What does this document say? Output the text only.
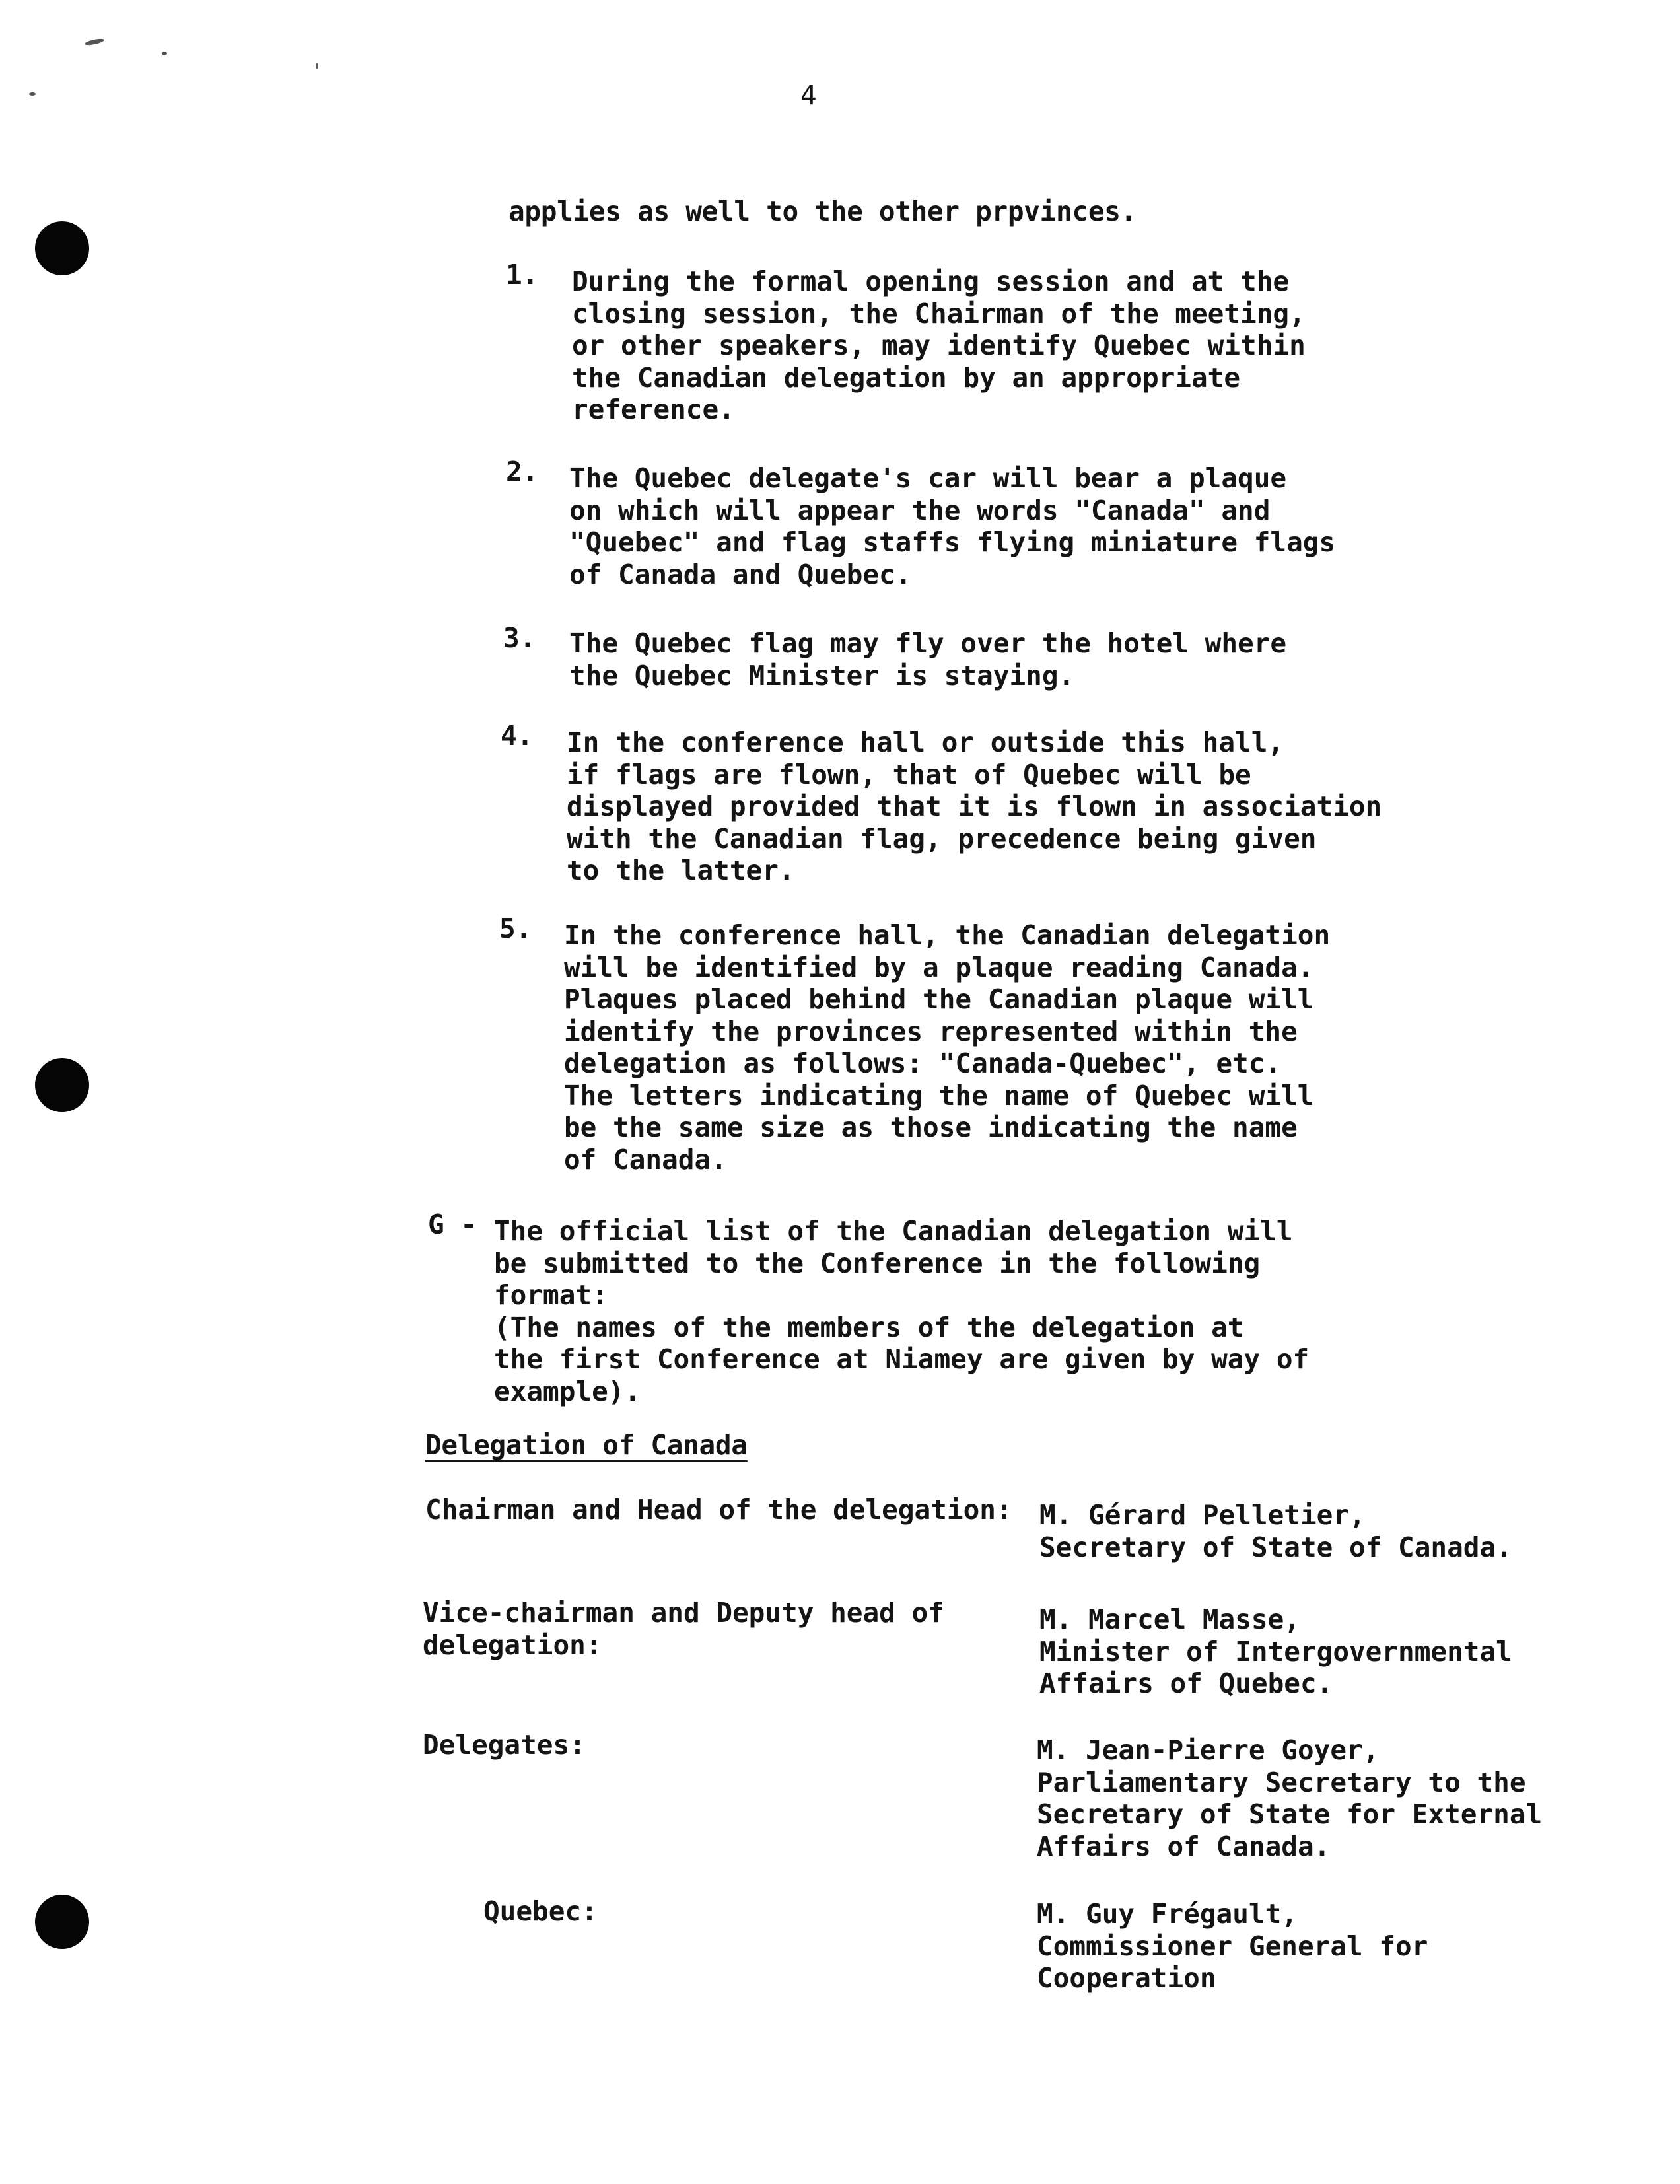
4
applies as well to the other prpvinces.
1. During the formal opening session and at the
closing session, the Chairman of the meeting,
or other speakers, may identify Quebec within
the Canadian delegation by an appropriate
reference.
2. The Quebec delegate's car will bear a plaque
on which will appear the words "Canada" and
"Quebec" and flag staffs flying miniature flags
of Canada and Quebec.
3. The Quebec flag may fly over the hotel where
the Quebec Minister is staying.
4. In the conference hall or outside this hall,
if flags are flown, that of Quebec will be
displayed provided that it is flown in association
with the Canadian flag, precedence being given
to the latter.
5. In the conference hall, the Canadian delegation
will be identified by a plaque reading Canada.
Plaques placed behind the Canadian plaque will
identify the provinces represented within the
delegation as follows: "Canada-Quebec", etc.
The letters indicating the name of Quebec will
be the same size as those indicating the name
of Canada.
G - The official list of the Canadian delegation will
be submitted to the Conference in the following
format:
(The names of the members of the delegation at
the first Conference at Niamey are given by way of
example).
Delegation of Canada
Chairman and Head of the delegation: M. Gérard Pelletier,
Secretary of State of Canada.
Vice-chairman and Deputy head of
delegation:
M. Marcel Masse,
Minister of Intergovernmental
Affairs of Quebec.
Delegates:	M. Jean-Pierre Goyer,
Parliamentary Secretary to the
Secretary of State for External
Affairs of Canada.
Quebec:	M. Guy Frégault,
Commissioner General for
Cooperation
